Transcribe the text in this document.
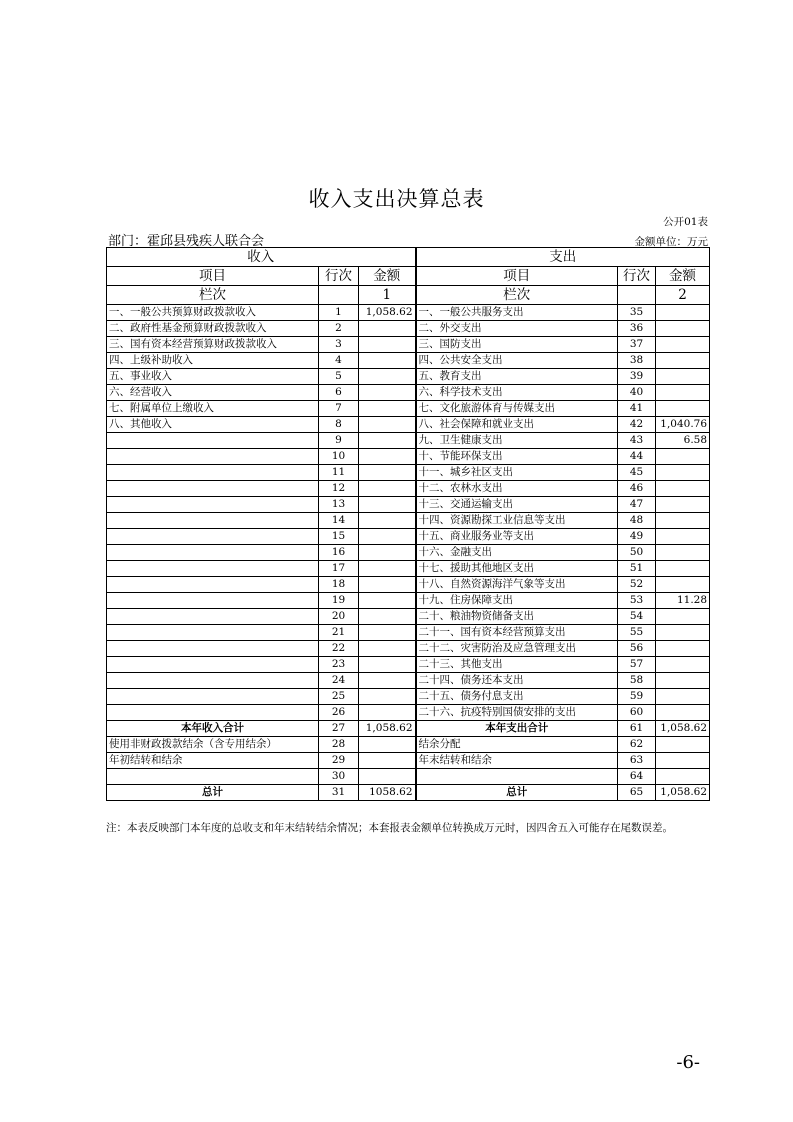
收入支出决算总表
公开01表
部门：霍邱县残疾人联合会	金额单位：万元
收入			支出		
项目	行次	金额	项目	行次	金额
栏次		1	栏次		2
一、一般公共预算财政拨款收入	1	1,058.62	一、一般公共服务支出	35	
二、政府性基金预算财政拨款收入	2		二、外交支出	36	
三、国有资本经营预算财政拨款收入	3		三、国防支出	37	
四、上级补助收入	4		四、公共安全支出	38	
五、事业收入	5		五、教育支出	39	
六、经营收入	6		六、科学技术支出	40	
七、附属单位上缴收入	7		七、文化旅游体育与传媒支出	41	
八、其他收入	8		八、社会保障和就业支出	42	1,040.76
	9		九、卫生健康支出	43	6.58
	10		十、节能环保支出	44	
	11		十一、城乡社区支出	45	
	12		十二、农林水支出	46	
	13		十三、交通运输支出	47	
	14		十四、资源勘探工业信息等支出	48	
	15		十五、商业服务业等支出	49	
	16		十六、金融支出	50	
	17		十七、援助其他地区支出	51	
	18		十八、自然资源海洋气象等支出	52	
	19		十九、住房保障支出	53	11.28
	20		二十、粮油物资储备支出	54	
	21		二十一、国有资本经营预算支出	55	
	22		二十二、灾害防治及应急管理支出	56	
	23		二十三、其他支出	57	
	24		二十四、债务还本支出	58	
	25		二十五、债务付息支出	59	
	26		二十六、抗疫特别国债安排的支出	60	
本年收入合计	27	1,058.62	本年支出合计	61	1,058.62
使用非财政拨款结余（含专用结余）	28		结余分配	62	
年初结转和结余	29		年末结转和结余	63	
	30			64	
总计	31	1058.62	总计	65	1,058.62
注：本表反映部门本年度的总收支和年末结转结余情况；本套报表金额单位转换成万元时，因四舍五入可能存在尾数误差。
-6-
